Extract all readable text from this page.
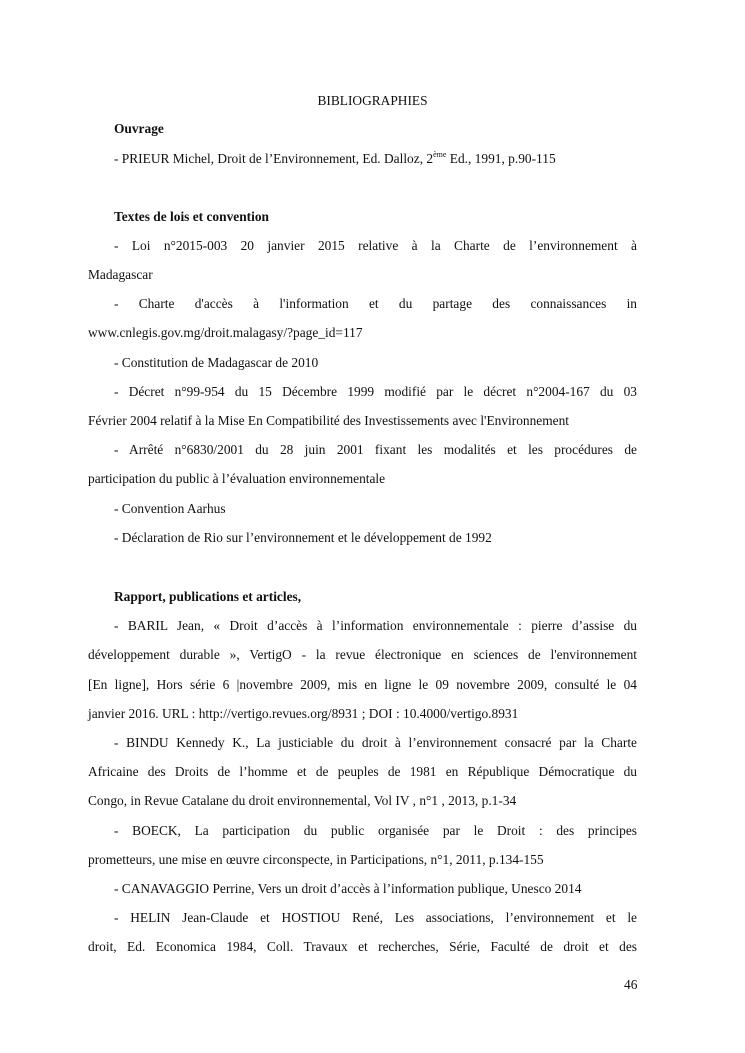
BIBLIOGRAPHIES

Ouvrage

- PRIEUR Michel, Droit de l’Environnement, Ed. Dalloz, 2ème Ed., 1991, p.90-115

Textes de lois et convention

- Loi n°2015-003 20 janvier 2015 relative à la Charte de l’environnement à

Madagascar

- Charte d'accès à l'information et du partage des connaissances in

www.cnlegis.gov.mg/droit.malagasy/?page_id=117

- Constitution de Madagascar de 2010

- Décret n°99-954 du 15 Décembre 1999 modifié par le décret n°2004-167 du 03

Février 2004 relatif à la Mise En Compatibilité des Investissements avec l'Environnement

- Arrêté n°6830/2001 du 28 juin 2001 fixant les modalités et les procédures de

participation du public à l’évaluation environnementale

- Convention Aarhus

- Déclaration de Rio sur l’environnement et le développement de 1992

Rapport, publications et articles,

- BARIL Jean, « Droit d’accès à l’information environnementale : pierre d’assise du

développement durable », VertigO - la revue électronique en sciences de l'environnement

[En ligne], Hors série 6 |novembre 2009, mis en ligne le 09 novembre 2009, consulté le 04

janvier 2016. URL : http://vertigo.revues.org/8931 ; DOI : 10.4000/vertigo.8931

- BINDU Kennedy K., La justiciable du droit à l’environnement consacré par la Charte

Africaine des Droits de l’homme et de peuples de 1981 en République Démocratique du

Congo, in Revue Catalane du droit environnemental, Vol IV , n°1 , 2013, p.1-34

- BOECK, La participation du public organisée par le Droit : des principes

prometteurs, une mise en œuvre circonspecte, in Participations, n°1, 2011, p.134-155

- CANAVAGGIO Perrine, Vers un droit d’accès à l’information publique, Unesco 2014

- HELIN Jean-Claude et HOSTIOU René, Les associations, l’environnement et le

droit, Ed. Economica 1984, Coll. Travaux et recherches, Série, Faculté de droit et des

46
